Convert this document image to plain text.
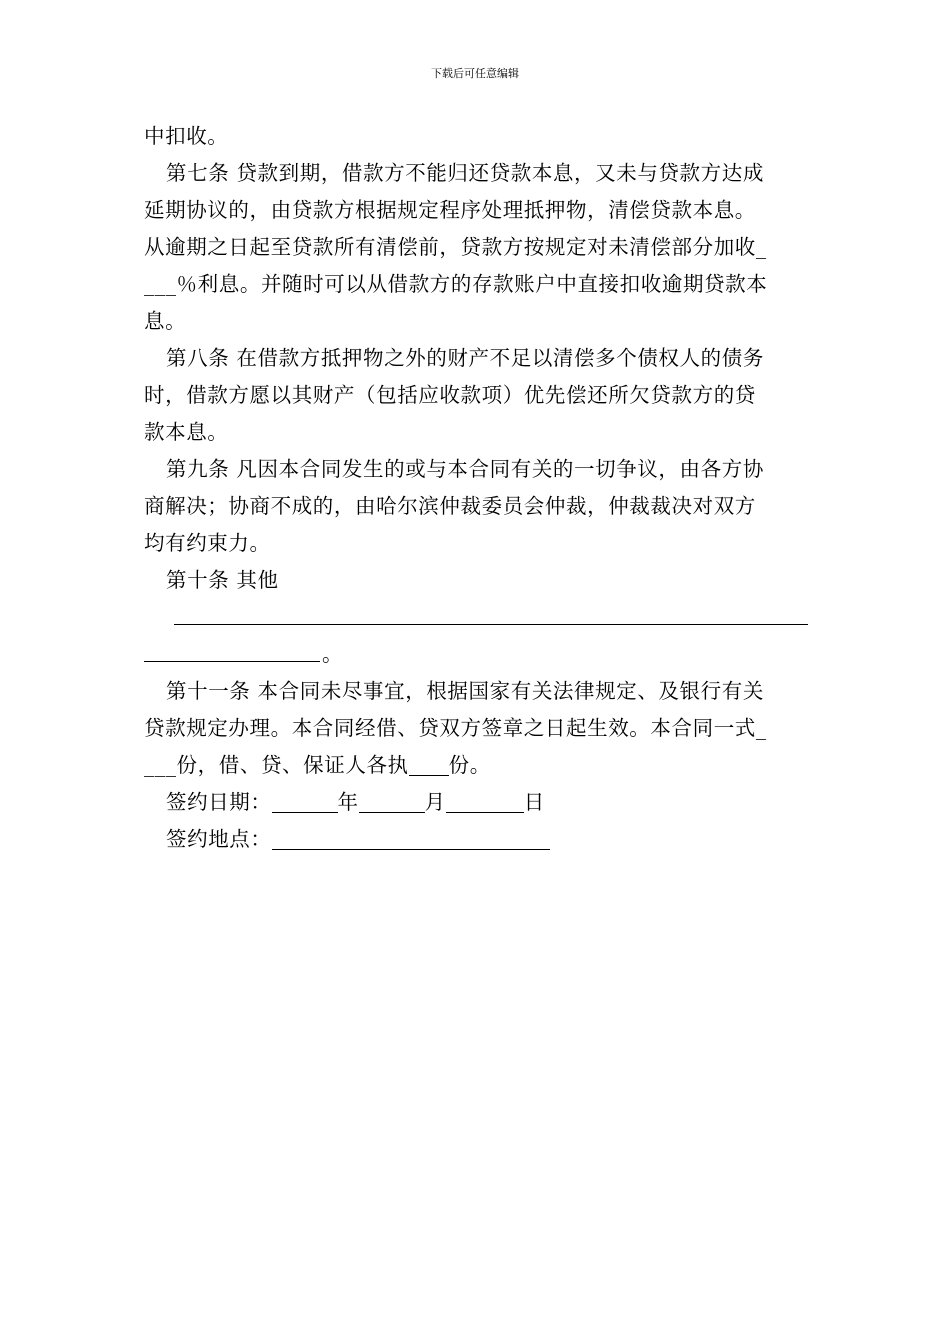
下载后可任意编辑
中扣收。
第七条 贷款到期，借款方不能归还贷款本息，又未与贷款方达成
延期协议的，由贷款方根据规定程序处理抵押物，清偿贷款本息。
从逾期之日起至贷款所有清偿前，贷款方按规定对未清偿部分加收_
___％利息。并随时可以从借款方的存款账户中直接扣收逾期贷款本
息。
第八条 在借款方抵押物之外的财产不足以清偿多个债权人的债务
时，借款方愿以其财产（包括应收款项）优先偿还所欠贷款方的贷
款本息。
第九条 凡因本合同发生的或与本合同有关的一切争议，由各方协
商解决；协商不成的，由哈尔滨仲裁委员会仲裁，仲裁裁决对双方
均有约束力。
第十条 其他
。
第十一条 本合同未尽事宜，根据国家有关法律规定、及银行有关
贷款规定办理。本合同经借、贷双方签章之日起生效。本合同一式_
___份，借、贷、保证人各执 份。
签约日期：	年	月	日
签约地点：
